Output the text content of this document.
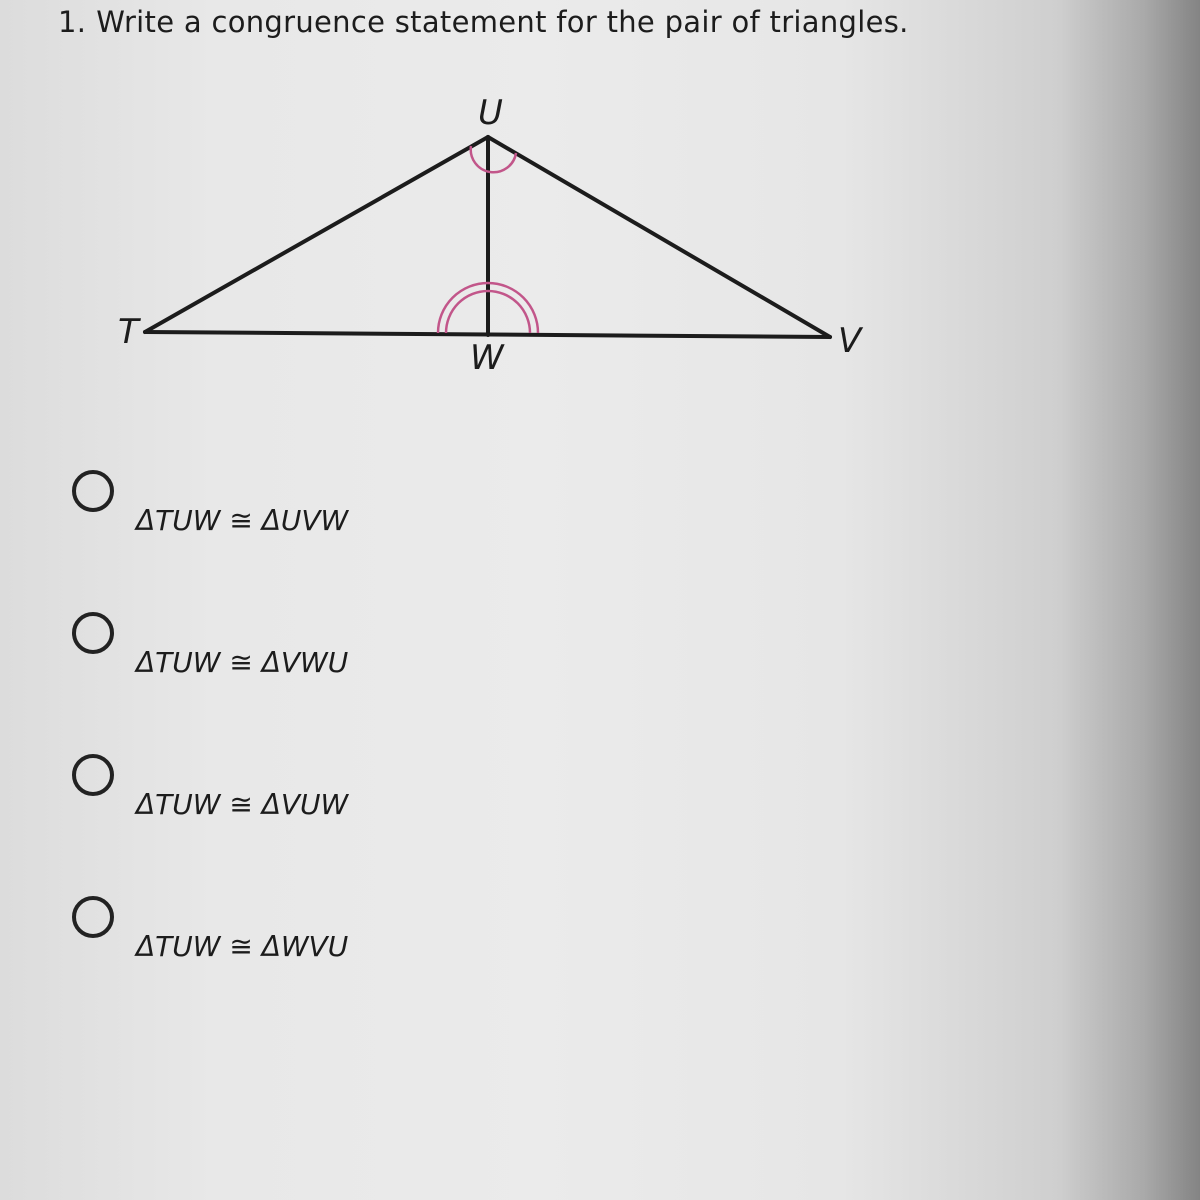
1. Write a congruence statement for the pair of triangles.
U
T
W	V
ΔTUW ≅ ΔUVW
ΔTUW ≅ ΔVWU
ΔTUW ≅ ΔVUW
ΔTUW ≅ ΔWVU
